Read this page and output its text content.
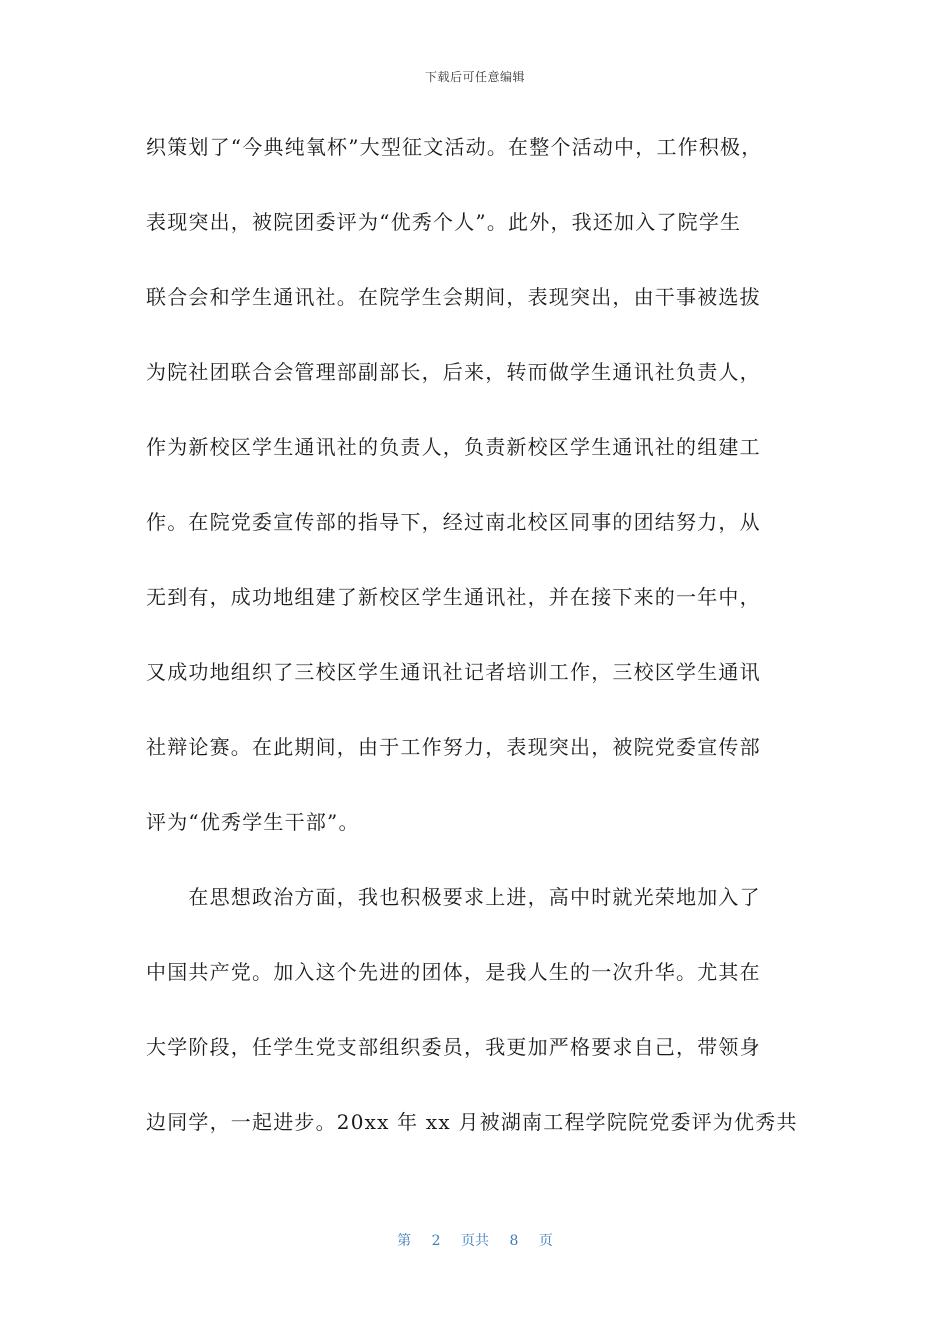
下载后可任意编辑
织策划了“今典纯氧杯”大型征文活动。在整个活动中，工作积极，
表现突出，被院团委评为“优秀个人”。此外，我还加入了院学生
联合会和学生通讯社。在院学生会期间，表现突出，由干事被选拔
为院社团联合会管理部副部长，后来，转而做学生通讯社负责人，
作为新校区学生通讯社的负责人，负责新校区学生通讯社的组建工
作。在院党委宣传部的指导下，经过南北校区同事的团结努力，从
无到有，成功地组建了新校区学生通讯社，并在接下来的一年中，
又成功地组织了三校区学生通讯社记者培训工作，三校区学生通讯
社辩论赛。在此期间，由于工作努力，表现突出，被院党委宣传部
评为“优秀学生干部”。
　　在思想政治方面，我也积极要求上进，高中时就光荣地加入了
中国共产党。加入这个先进的团体，是我人生的一次升华。尤其在
大学阶段，任学生党支部组织委员，我更加严格要求自己，带领身
边同学，一起进步。20xx 年 xx 月被湖南工程学院院党委评为优秀共
第 2 页共 8 页
